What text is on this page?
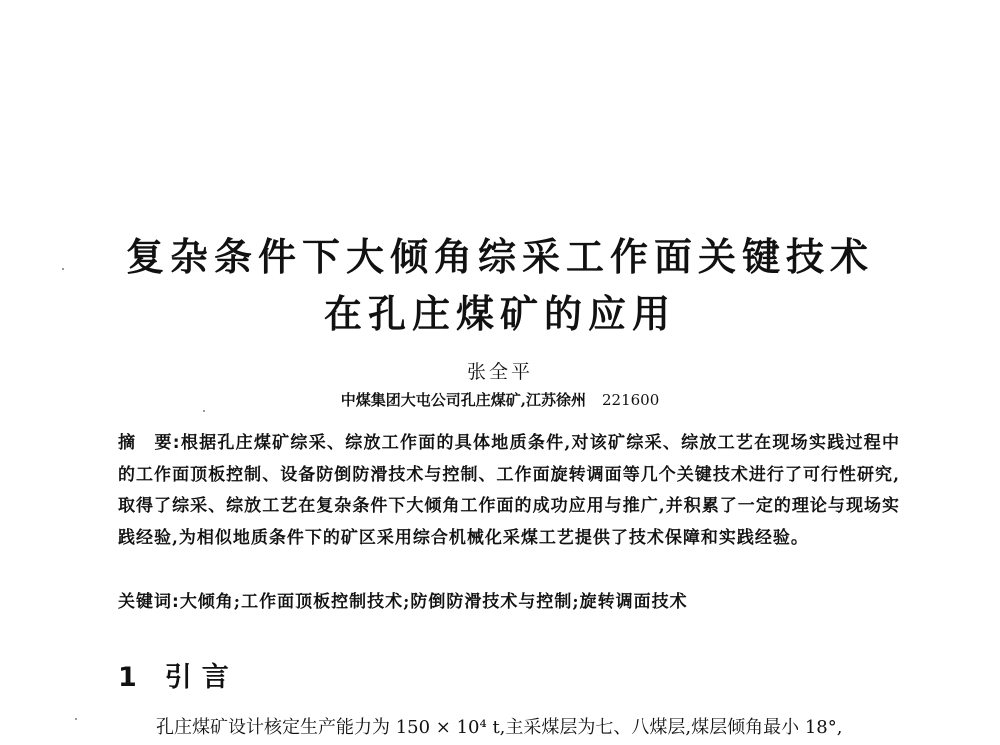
复杂条件下大倾角综采工作面关键技术
在孔庄煤矿的应用
张全平
中煤集团大屯公司孔庄煤矿,江苏徐州 221600
摘　要:根据孔庄煤矿综采、综放工作面的具体地质条件,对该矿综采、综放工艺在现场实践过程中的工作面顶板控制、设备防倒防滑技术与控制、工作面旋转调面等几个关键技术进行了可行性研究,取得了综采、综放工艺在复杂条件下大倾角工作面的成功应用与推广,并积累了一定的理论与现场实践经验,为相似地质条件下的矿区采用综合机械化采煤工艺提供了技术保障和实践经验。
关键词:大倾角;工作面顶板控制技术;防倒防滑技术与控制;旋转调面技术
1 引言
孔庄煤矿设计核定生产能力为 150 × 10⁴ t,主采煤层为七、八煤层,煤层倾角最小 18°,
